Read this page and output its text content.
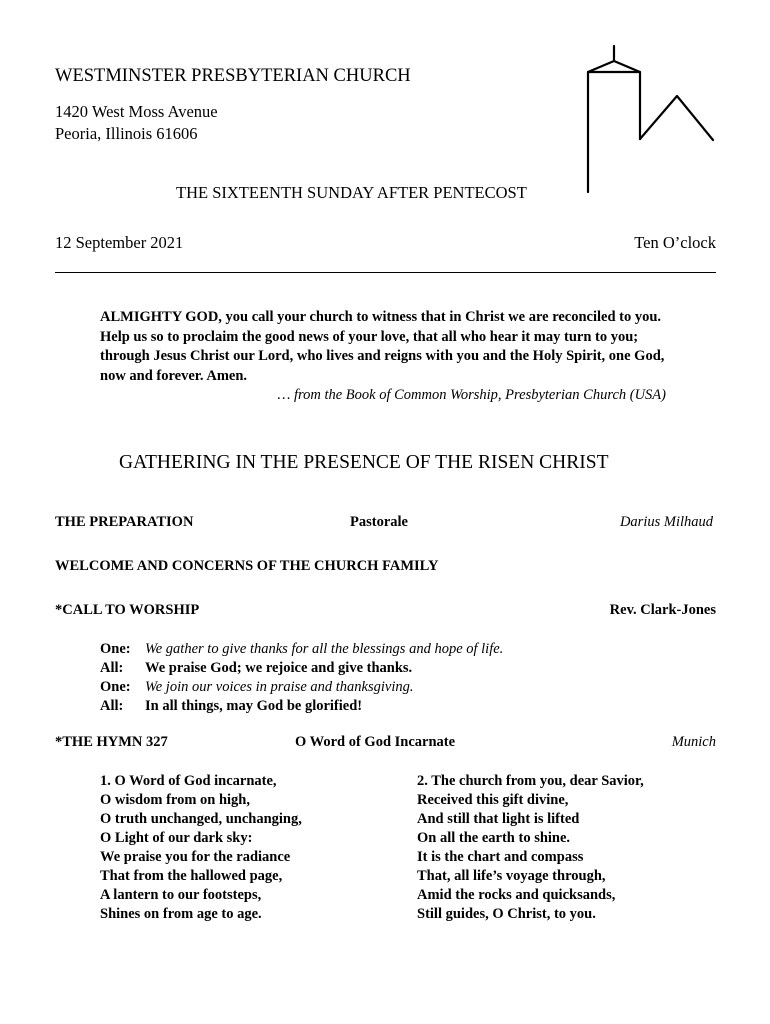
WESTMINSTER PRESBYTERIAN CHURCH
1420 West Moss Avenue
Peoria, Illinois 61606
THE SIXTEENTH SUNDAY AFTER PENTECOST
12 September 2021	Ten O’clock

ALMIGHTY GOD, you call your church to witness that in Christ we are reconciled to you. Help us so to proclaim the good news of your love, that all who hear it may turn to you; through Jesus Christ our Lord, who lives and reigns with you and the Holy Spirit, one God, now and forever. Amen.

… from the Book of Common Worship, Presbyterian Church (USA)
GATHERING IN THE PRESENCE OF THE RISEN CHRIST
THE PREPARATION	Pastorale	Darius Milhaud
WELCOME AND CONCERNS OF THE CHURCH FAMILY
*CALL TO WORSHIP	Rev. Clark-Jones
One: We gather to give thanks for all the blessings and hope of life.
All:	We praise God; we rejoice and give thanks.
One: We join our voices in praise and thanksgiving.
All:	In all things, may God be glorified!
*THE HYMN 327	O Word of God Incarnate	Munich
1. O Word of God incarnate,
O wisdom from on high,
O truth unchanged, unchanging,
O Light of our dark sky:
We praise you for the radiance
That from the hallowed page,
A lantern to our footsteps,
Shines on from age to age.
2. The church from you, dear Savior,
Received this gift divine,
And still that light is lifted
On all the earth to shine.
It is the chart and compass
That, all life’s voyage through,
Amid the rocks and quicksands,
Still guides, O Christ, to you.
